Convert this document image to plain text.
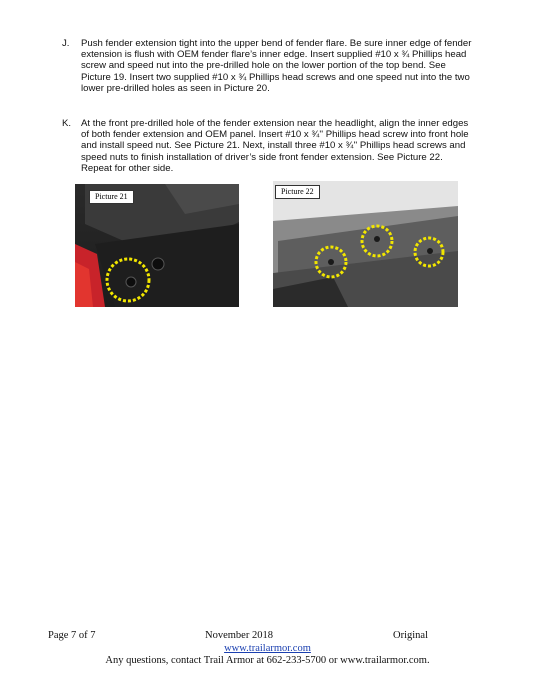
J. Push fender extension tight into the upper bend of fender flare. Be sure inner edge of fender extension is flush with OEM fender flare’s inner edge. Insert supplied #10 x ¾ Phillips head screw and speed nut into the pre-drilled hole on the lower portion of the top bend. See Picture 19. Insert two supplied #10 x ¾ Phillips head screws and one speed nut into the two lower pre-drilled holes as seen in Picture 20.
K. At the front pre-drilled hole of the fender extension near the headlight, align the inner edges of both fender extension and OEM panel. Insert #10 x ¾'' Phillips head screw into front hole and install speed nut. See Picture 21. Next, install three #10 x ¾'' Phillips head screws and speed nuts to finish installation of driver’s side front fender extension. See Picture 22. Repeat for other side.
Picture 21
Picture 22
Page 7 of 7	November 2018	Original
www.trailarmor.com
Any questions, contact Trail Armor at 662-233-5700 or www.trailarmor.com.
